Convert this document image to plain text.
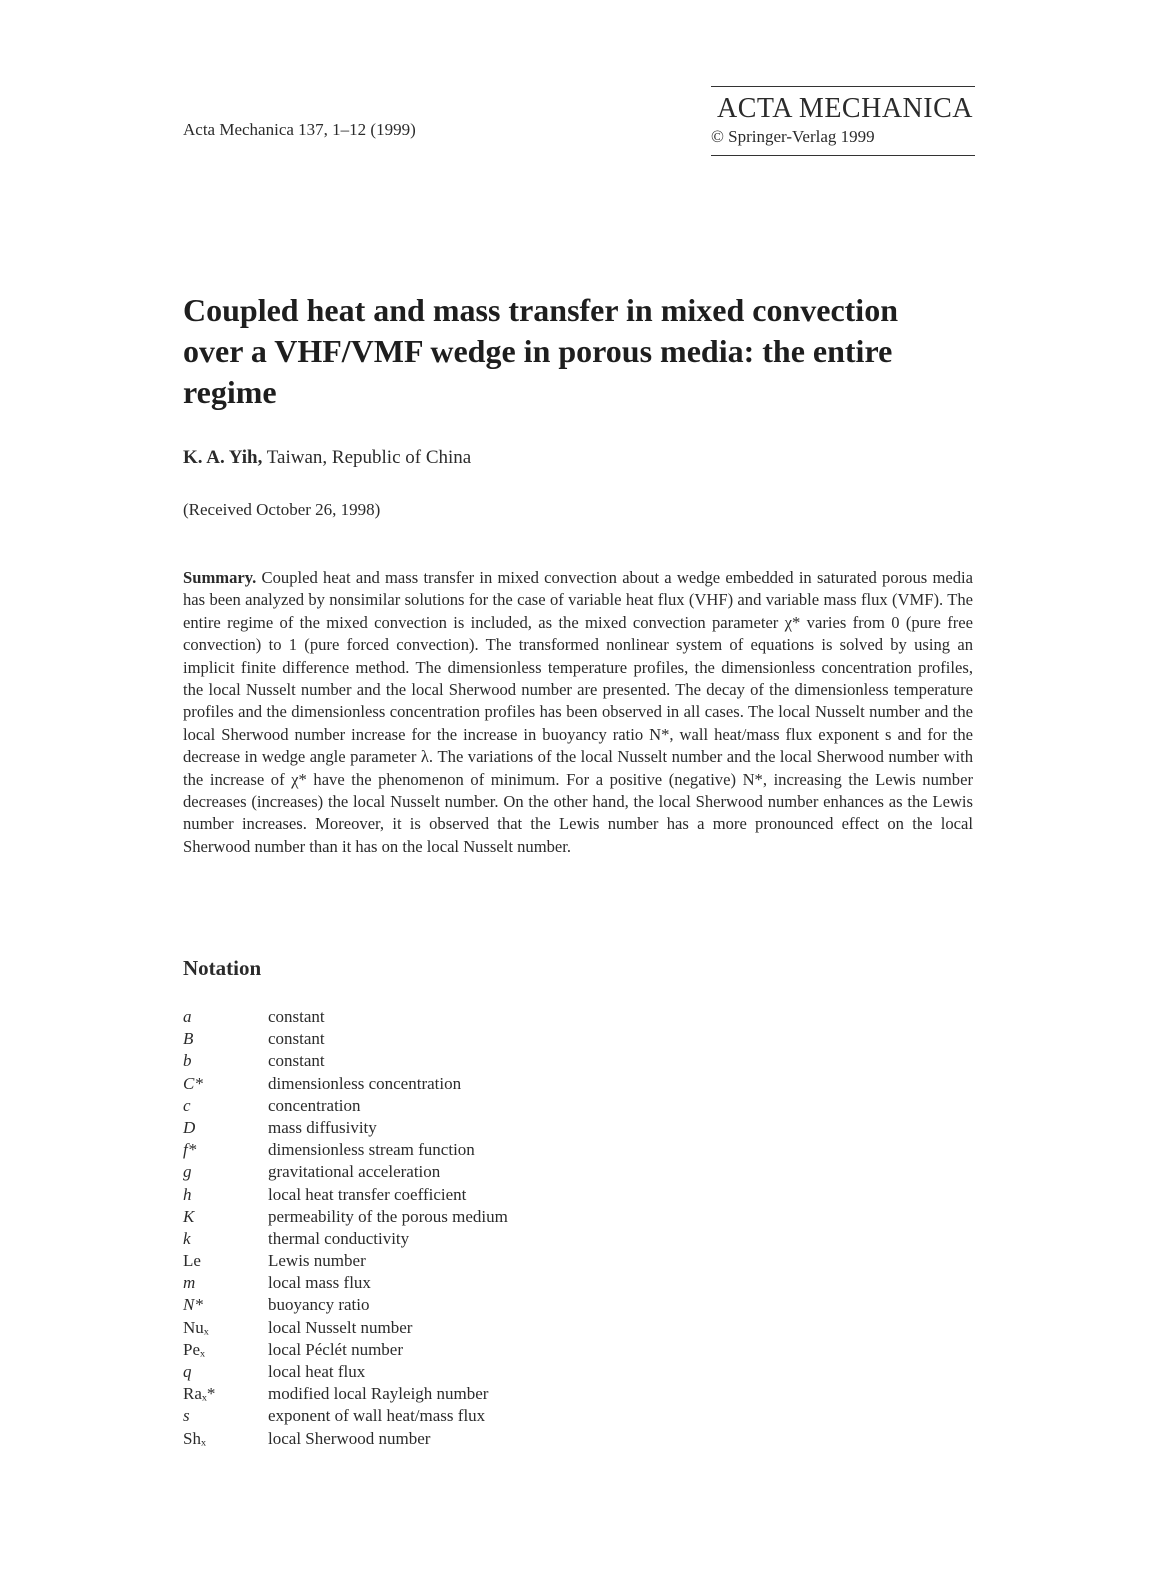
Acta Mechanica 137, 1–12 (1999)
ACTA MECHANICA
© Springer-Verlag 1999
Coupled heat and mass transfer in mixed convection over a VHF/VMF wedge in porous media: the entire regime
K. A. Yih, Taiwan, Republic of China
(Received October 26, 1998)
Summary. Coupled heat and mass transfer in mixed convection about a wedge embedded in saturated porous media has been analyzed by nonsimilar solutions for the case of variable heat flux (VHF) and variable mass flux (VMF). The entire regime of the mixed convection is included, as the mixed convection parameter χ* varies from 0 (pure free convection) to 1 (pure forced convection). The transformed nonlinear system of equations is solved by using an implicit finite difference method. The dimensionless temperature profiles, the dimensionless concentration profiles, the local Nusselt number and the local Sherwood number are presented. The decay of the dimensionless temperature profiles and the dimensionless concentration profiles has been observed in all cases. The local Nusselt number and the local Sherwood number increase for the increase in buoyancy ratio N*, wall heat/mass flux exponent s and for the decrease in wedge angle parameter λ. The variations of the local Nusselt number and the local Sherwood number with the increase of χ* have the phenomenon of minimum. For a positive (negative) N*, increasing the Lewis number decreases (increases) the local Nusselt number. On the other hand, the local Sherwood number enhances as the Lewis number increases. Moreover, it is observed that the Lewis number has a more pronounced effect on the local Sherwood number than it has on the local Nusselt number.
Notation
a	constant
B	constant
b	constant
C*	dimensionless concentration
c	concentration
D	mass diffusivity
f*	dimensionless stream function
g	gravitational acceleration
h	local heat transfer coefficient
K	permeability of the porous medium
k	thermal conductivity
Le	Lewis number
m	local mass flux
N*	buoyancy ratio
Nuₓ	local Nusselt number
Peₓ	local Péclét number
q	local heat flux
Raₓ*	modified local Rayleigh number
s	exponent of wall heat/mass flux
Shₓ	local Sherwood number
